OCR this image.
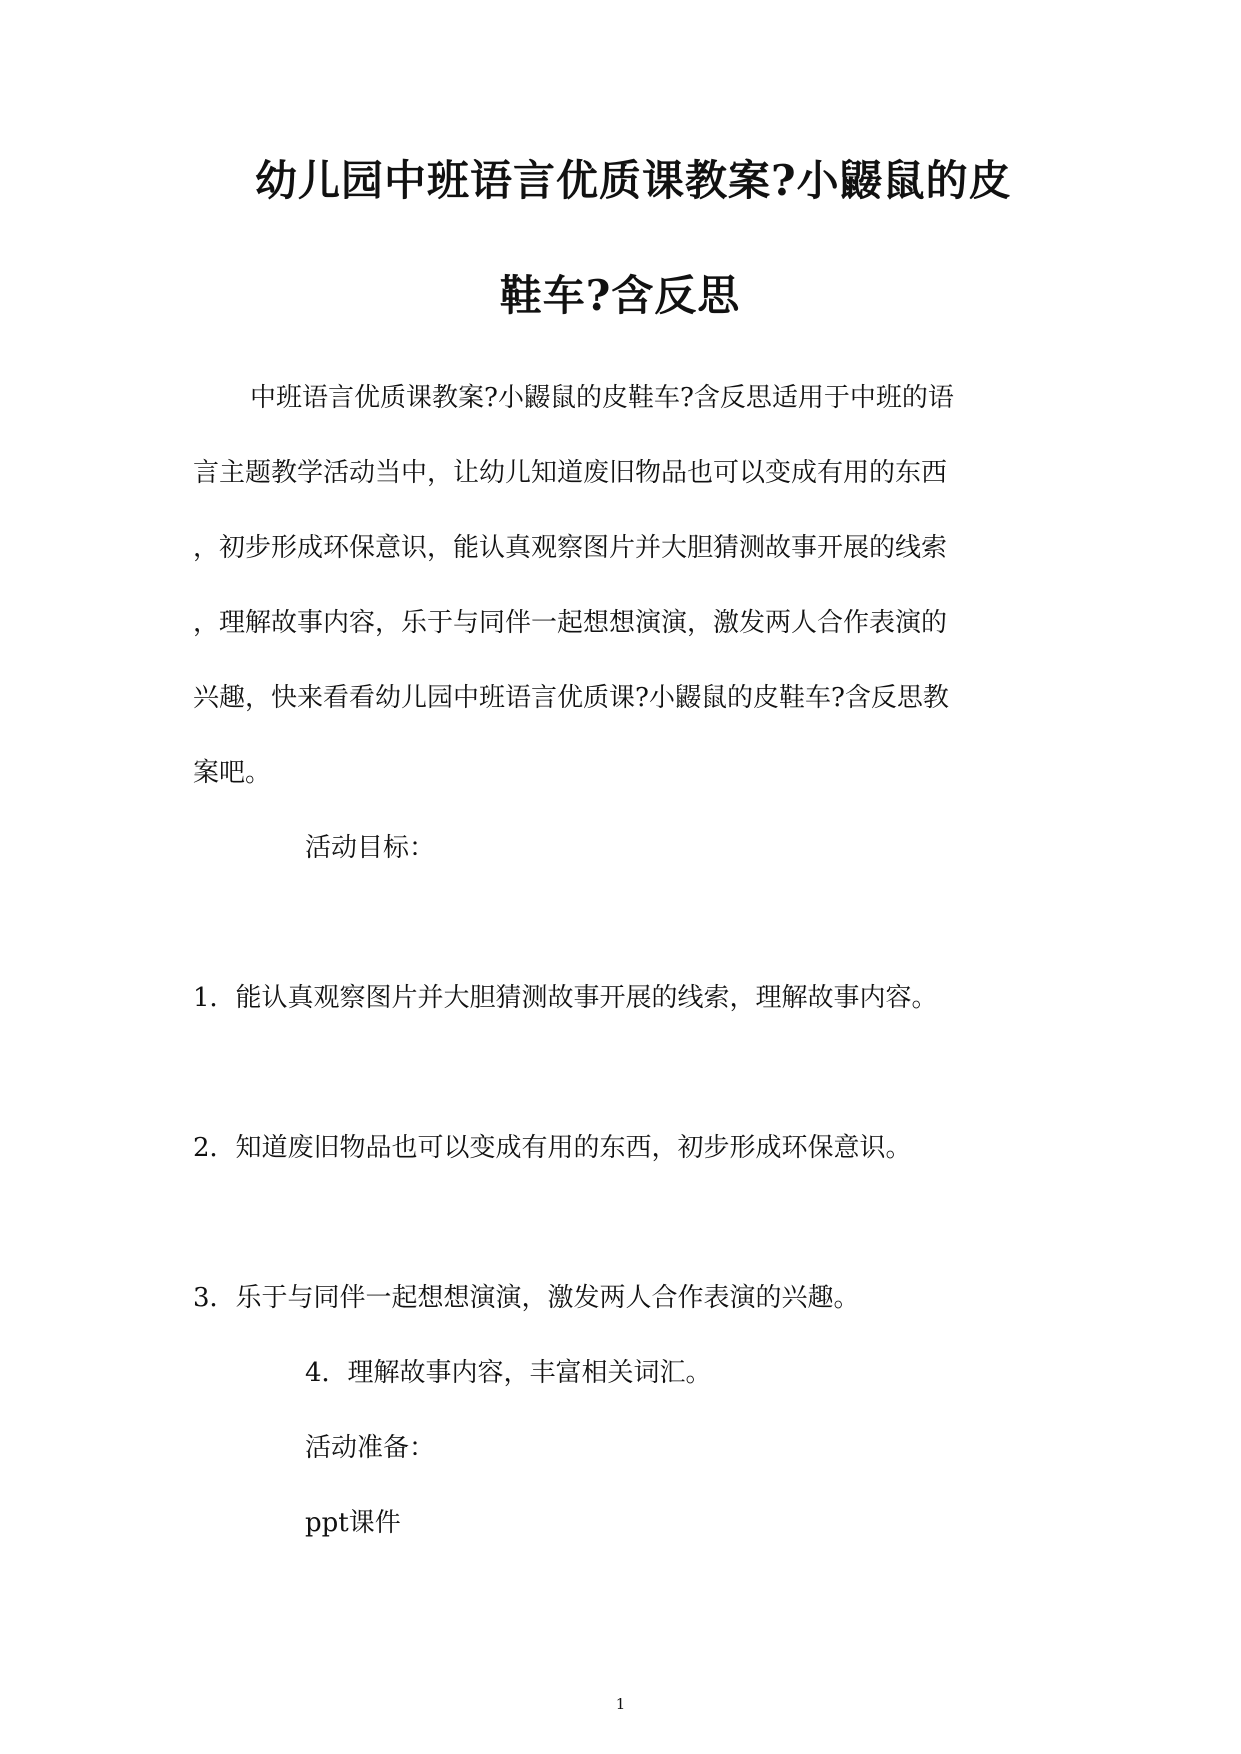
幼儿园中班语言优质课教案?小鼹鼠的皮
鞋车?含反思
中班语言优质课教案?小鼹鼠的皮鞋车?含反思适用于中班的语
言主题教学活动当中，让幼儿知道废旧物品也可以变成有用的东西
，初步形成环保意识，能认真观察图片并大胆猜测故事开展的线索
，理解故事内容，乐于与同伴一起想想演演，激发两人合作表演的
兴趣，快来看看幼儿园中班语言优质课?小鼹鼠的皮鞋车?含反思教
案吧。
活动目标：
1．能认真观察图片并大胆猜测故事开展的线索，理解故事内容。
2．知道废旧物品也可以变成有用的东西，初步形成环保意识。
3．乐于与同伴一起想想演演，激发两人合作表演的兴趣。
4．理解故事内容，丰富相关词汇。
活动准备：
ppt课件
1
